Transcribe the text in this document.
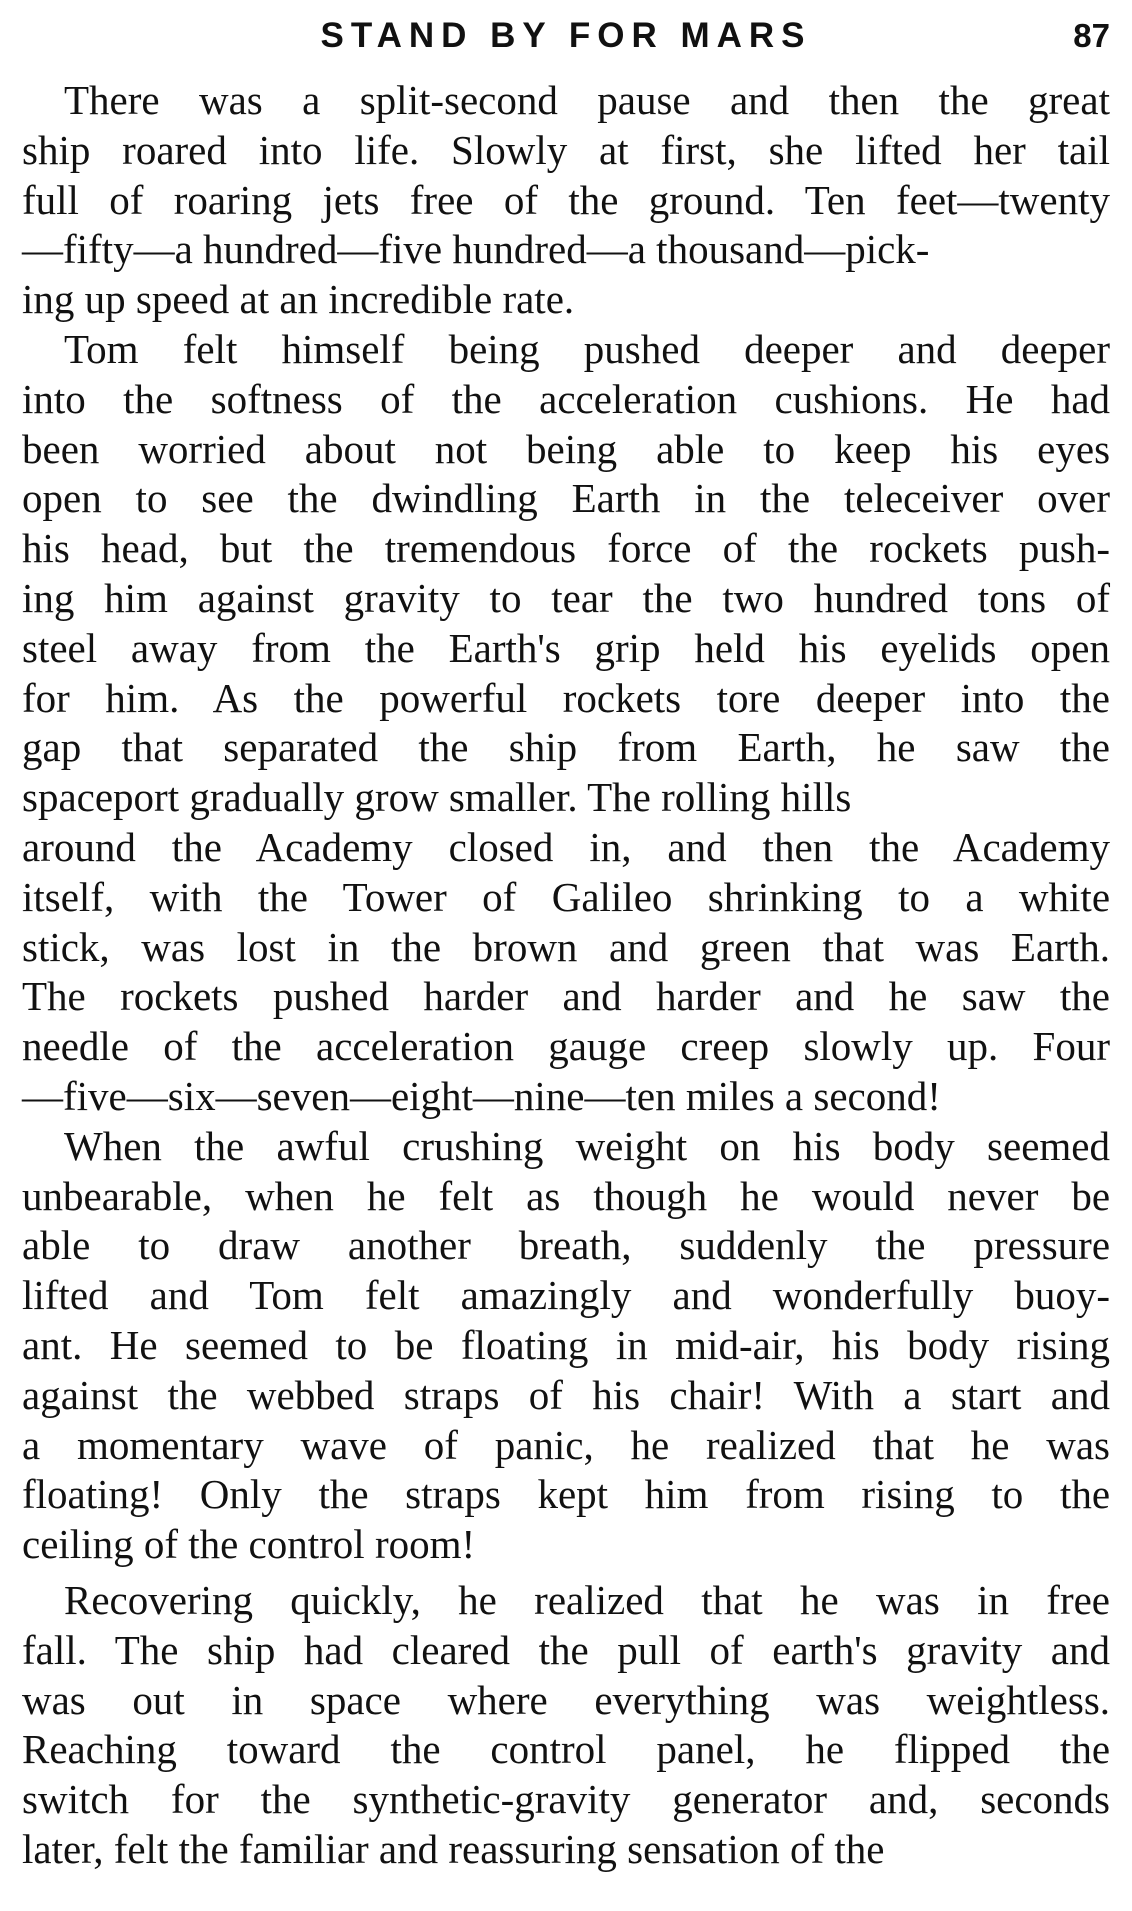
STAND BY FOR MARS	87
There was a split-second pause and then the great
ship roared into life. Slowly at first, she lifted her tail
full of roaring jets free of the ground. Ten feet—twenty
—fifty—a hundred—five hundred—a thousand—pick-
ing up speed at an incredible rate.
Tom felt himself being pushed deeper and deeper
into the softness of the acceleration cushions. He had
been worried about not being able to keep his eyes
open to see the dwindling Earth in the teleceiver over
his head, but the tremendous force of the rockets push-
ing him against gravity to tear the two hundred tons of
steel away from the Earth's grip held his eyelids open
for him. As the powerful rockets tore deeper into the
gap that separated the ship from Earth, he saw the
spaceport gradually grow smaller. The rolling hills
around the Academy closed in, and then the Academy
itself, with the Tower of Galileo shrinking to a white
stick, was lost in the brown and green that was Earth.
The rockets pushed harder and harder and he saw the
needle of the acceleration gauge creep slowly up. Four
—five—six—seven—eight—nine—ten miles a second!
When the awful crushing weight on his body seemed
unbearable, when he felt as though he would never be
able to draw another breath, suddenly the pressure
lifted and Tom felt amazingly and wonderfully buoy-
ant. He seemed to be floating in mid-air, his body rising
against the webbed straps of his chair! With a start and
a momentary wave of panic, he realized that he was
floating! Only the straps kept him from rising to the
ceiling of the control room!
Recovering quickly, he realized that he was in free
fall. The ship had cleared the pull of earth's gravity and
was out in space where everything was weightless.
Reaching toward the control panel, he flipped the
switch for the synthetic-gravity generator and, seconds
later, felt the familiar and reassuring sensation of the
